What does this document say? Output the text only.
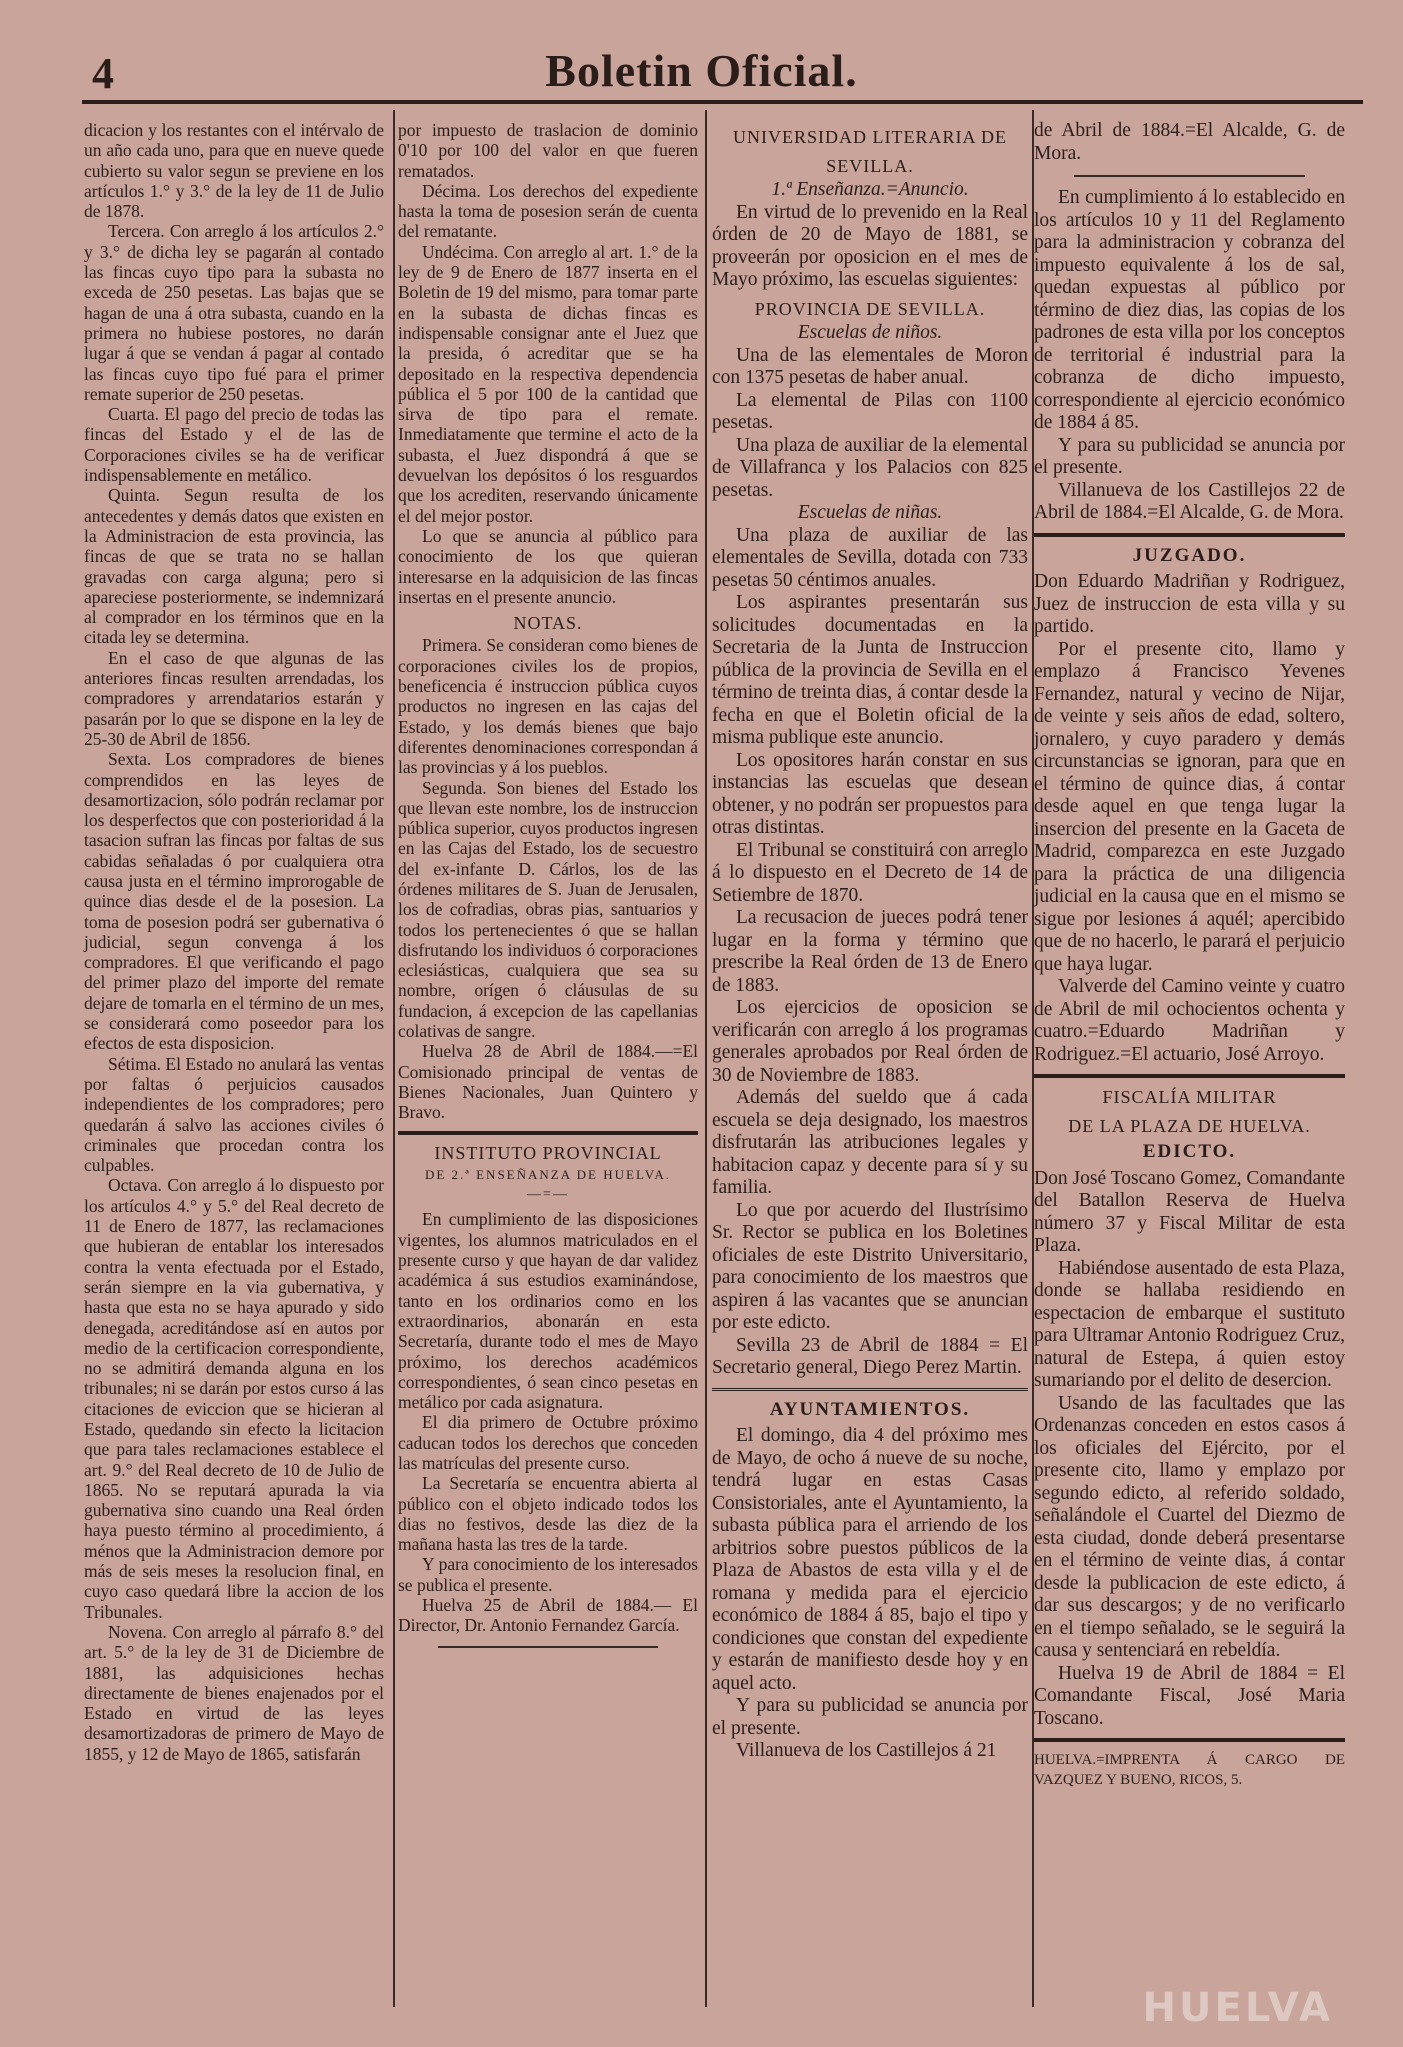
4	Boletin Oficial.

dicacion y los restantes con el intérvalo de un año cada uno, para que en nueve quede cubierto su valor segun se previene en los artículos 1.° y 3.° de la ley de 11 de Julio de 1878.

Tercera. Con arreglo á los artículos 2.° y 3.° de dicha ley se pagarán al contado las fincas cuyo tipo para la subasta no exceda de 250 pesetas. Las bajas que se hagan de una á otra subasta, cuando en la primera no hubiese postores, no darán lugar á que se vendan á pagar al contado las fincas cuyo tipo fué para el primer remate superior de 250 pesetas.

Cuarta. El pago del precio de todas las fincas del Estado y el de las de Corporaciones civiles se ha de verificar indispensablemente en metálico.

Quinta. Segun resulta de los antecedentes y demás datos que existen en la Administracion de esta provincia, las fincas de que se trata no se hallan gravadas con carga alguna; pero si apareciese posteriormente, se indemnizará al comprador en los términos que en la citada ley se determina.

En el caso de que algunas de las anteriores fincas resulten arrendadas, los compradores y arrendatarios estarán y pasarán por lo que se dispone en la ley de 25-30 de Abril de 1856.

Sexta. Los compradores de bienes comprendidos en las leyes de desamortizacion, sólo podrán reclamar por los desperfectos que con posterioridad á la tasacion sufran las fincas por faltas de sus cabidas señaladas ó por cualquiera otra causa justa en el término improrogable de quince dias desde el de la posesion. La toma de posesion podrá ser gubernativa ó judicial, segun convenga á los compradores. El que verificando el pago del primer plazo del importe del remate dejare de tomarla en el término de un mes, se considerará como poseedor para los efectos de esta disposicion.

Sétima. El Estado no anulará las ventas por faltas ó perjuicios causados independientes de los compradores; pero quedarán á salvo las acciones civiles ó criminales que procedan contra los culpables.

Octava. Con arreglo á lo dispuesto por los artículos 4.° y 5.° del Real decreto de 11 de Enero de 1877, las reclamaciones que hubieran de entablar los interesados contra la venta efectuada por el Estado, serán siempre en la via gubernativa, y hasta que esta no se haya apurado y sido denegada, acreditándose así en autos por medio de la certificacion correspondiente, no se admitirá demanda alguna en los tribunales; ni se darán por estos curso á las citaciones de eviccion que se hicieran al Estado, quedando sin efecto la licitacion que para tales reclamaciones establece el art. 9.° del Real decreto de 10 de Julio de 1865. No se reputará apurada la via gubernativa sino cuando una Real órden haya puesto término al procedimiento, á ménos que la Administracion demore por más de seis meses la resolucion final, en cuyo caso quedará libre la accion de los Tribunales.

Novena. Con arreglo al párrafo 8.° del art. 5.° de la ley de 31 de Diciembre de 1881, las adquisiciones hechas directamente de bienes enajenados por el Estado en virtud de las leyes desamortizadoras de primero de Mayo de 1855, y 12 de Mayo de 1865, satisfarán

por impuesto de traslacion de dominio 0'10 por 100 del valor en que fueren rematados.

Décima. Los derechos del expediente hasta la toma de posesion serán de cuenta del rematante.

Undécima. Con arreglo al art. 1.° de la ley de 9 de Enero de 1877 inserta en el Boletin de 19 del mismo, para tomar parte en la subasta de dichas fincas es indispensable consignar ante el Juez que la presida, ó acreditar que se ha depositado en la respectiva dependencia pública el 5 por 100 de la cantidad que sirva de tipo para el remate. Inmediatamente que termine el acto de la subasta, el Juez dispondrá á que se devuelvan los depósitos ó los resguardos que los acrediten, reservando únicamente el del mejor postor.

Lo que se anuncia al público para conocimiento de los que quieran interesarse en la adquisicion de las fincas insertas en el presente anuncio.

NOTAS.

Primera. Se consideran como bienes de corporaciones civiles los de propios, beneficencia é instruccion pública cuyos productos no ingresen en las cajas del Estado, y los demás bienes que bajo diferentes denominaciones correspondan á las provincias y á los pueblos.

Segunda. Son bienes del Estado los que llevan este nombre, los de instruccion pública superior, cuyos productos ingresen en las Cajas del Estado, los de secuestro del ex-infante D. Cárlos, los de las órdenes militares de S. Juan de Jerusalen, los de cofradias, obras pias, santuarios y todos los pertenecientes ó que se hallan disfrutando los individuos ó corporaciones eclesiásticas, cualquiera que sea su nombre, orígen ó cláusulas de su fundacion, á excepcion de las capellanias colativas de sangre.

Huelva 28 de Abril de 1884.—=El Comisionado principal de ventas de Bienes Nacionales, Juan Quintero y Bravo.

INSTITUTO PROVINCIAL
DE 2.ª ENSEÑANZA DE HUELVA.
—=—

En cumplimiento de las disposiciones vigentes, los alumnos matriculados en el presente curso y que hayan de dar validez académica á sus estudios examinándose, tanto en los ordinarios como en los extraordinarios, abonarán en esta Secretaría, durante todo el mes de Mayo próximo, los derechos académicos correspondientes, ó sean cinco pesetas en metálico por cada asignatura.

El dia primero de Octubre próximo caducan todos los derechos que conceden las matrículas del presente curso.

La Secretaría se encuentra abierta al público con el objeto indicado todos los dias no festivos, desde las diez de la mañana hasta las tres de la tarde.

Y para conocimiento de los interesados se publica el presente.

Huelva 25 de Abril de 1884.— El Director, Dr. Antonio Fernandez García.

UNIVERSIDAD LITERARIA DE
SEVILLA.
1.ª Enseñanza.=Anuncio.

En virtud de lo prevenido en la Real órden de 20 de Mayo de 1881, se proveerán por oposicion en el mes de Mayo próximo, las escuelas siguientes:

PROVINCIA DE SEVILLA.
Escuelas de niños.

Una de las elementales de Moron con 1375 pesetas de haber anual.

La elemental de Pilas con 1100 pesetas.

Una plaza de auxiliar de la elemental de Villafranca y los Palacios con 825 pesetas.

Escuelas de niñas.

Una plaza de auxiliar de las elementales de Sevilla, dotada con 733 pesetas 50 céntimos anuales.

Los aspirantes presentarán sus solicitudes documentadas en la Secretaria de la Junta de Instruccion pública de la provincia de Sevilla en el término de treinta dias, á contar desde la fecha en que el Boletin oficial de la misma publique este anuncio.

Los opositores harán constar en sus instancias las escuelas que desean obtener, y no podrán ser propuestos para otras distintas.

El Tribunal se constituirá con arreglo á lo dispuesto en el Decreto de 14 de Setiembre de 1870.

La recusacion de jueces podrá tener lugar en la forma y término que prescribe la Real órden de 13 de Enero de 1883.

Los ejercicios de oposicion se verificarán con arreglo á los programas generales aprobados por Real órden de 30 de Noviembre de 1883.

Además del sueldo que á cada escuela se deja designado, los maestros disfrutarán las atribuciones legales y habitacion capaz y decente para sí y su familia.

Lo que por acuerdo del Ilustrísimo Sr. Rector se publica en los Boletines oficiales de este Distrito Universitario, para conocimiento de los maestros que aspiren á las vacantes que se anuncian por este edicto.

Sevilla 23 de Abril de 1884 = El Secretario general, Diego Perez Martin.

AYUNTAMIENTOS.

El domingo, dia 4 del próximo mes de Mayo, de ocho á nueve de su noche, tendrá lugar en estas Casas Consistoriales, ante el Ayuntamiento, la subasta pública para el arriendo de los arbitrios sobre puestos públicos de la Plaza de Abastos de esta villa y el de romana y medida para el ejercicio económico de 1884 á 85, bajo el tipo y condiciones que constan del expediente y estarán de manifiesto desde hoy y en aquel acto.

Y para su publicidad se anuncia por el presente.

Villanueva de los Castillejos á 21

de Abril de 1884.=El Alcalde, G. de Mora.

En cumplimiento á lo establecido en los artículos 10 y 11 del Reglamento para la administracion y cobranza del impuesto equivalente á los de sal, quedan expuestas al público por término de diez dias, las copias de los padrones de esta villa por los conceptos de territorial é industrial para la cobranza de dicho impuesto, correspondiente al ejercicio económico de 1884 á 85.

Y para su publicidad se anuncia por el presente.

Villanueva de los Castillejos 22 de Abril de 1884.=El Alcalde, G. de Mora.

JUZGADO.

Don Eduardo Madriñan y Rodriguez, Juez de instruccion de esta villa y su partido.

Por el presente cito, llamo y emplazo á Francisco Yevenes Fernandez, natural y vecino de Nijar, de veinte y seis años de edad, soltero, jornalero, y cuyo paradero y demás circunstancias se ignoran, para que en el término de quince dias, á contar desde aquel en que tenga lugar la insercion del presente en la Gaceta de Madrid, comparezca en este Juzgado para la práctica de una diligencia judicial en la causa que en el mismo se sigue por lesiones á aquél; apercibido que de no hacerlo, le parará el perjuicio que haya lugar.

Valverde del Camino veinte y cuatro de Abril de mil ochocientos ochenta y cuatro.=Eduardo Madriñan y Rodriguez.=El actuario, José Arroyo.

FISCALÍA MILITAR
DE LA PLAZA DE HUELVA.
EDICTO.

Don José Toscano Gomez, Comandante del Batallon Reserva de Huelva número 37 y Fiscal Militar de esta Plaza.

Habiéndose ausentado de esta Plaza, donde se hallaba residiendo en espectacion de embarque el sustituto para Ultramar Antonio Rodriguez Cruz, natural de Estepa, á quien estoy sumariando por el delito de desercion.

Usando de las facultades que las Ordenanzas conceden en estos casos á los oficiales del Ejército, por el presente cito, llamo y emplazo por segundo edicto, al referido soldado, señalándole el Cuartel del Diezmo de esta ciudad, donde deberá presentarse en el término de veinte dias, á contar desde la publicacion de este edicto, á dar sus descargos; y de no verificarlo en el tiempo señalado, se le seguirá la causa y sentenciará en rebeldía.

Huelva 19 de Abril de 1884 = El Comandante Fiscal, José Maria Toscano.

HUELVA.=IMPRENTA Á CARGO DE VAZQUEZ Y BUENO, RICOS, 5.

HUELVA
